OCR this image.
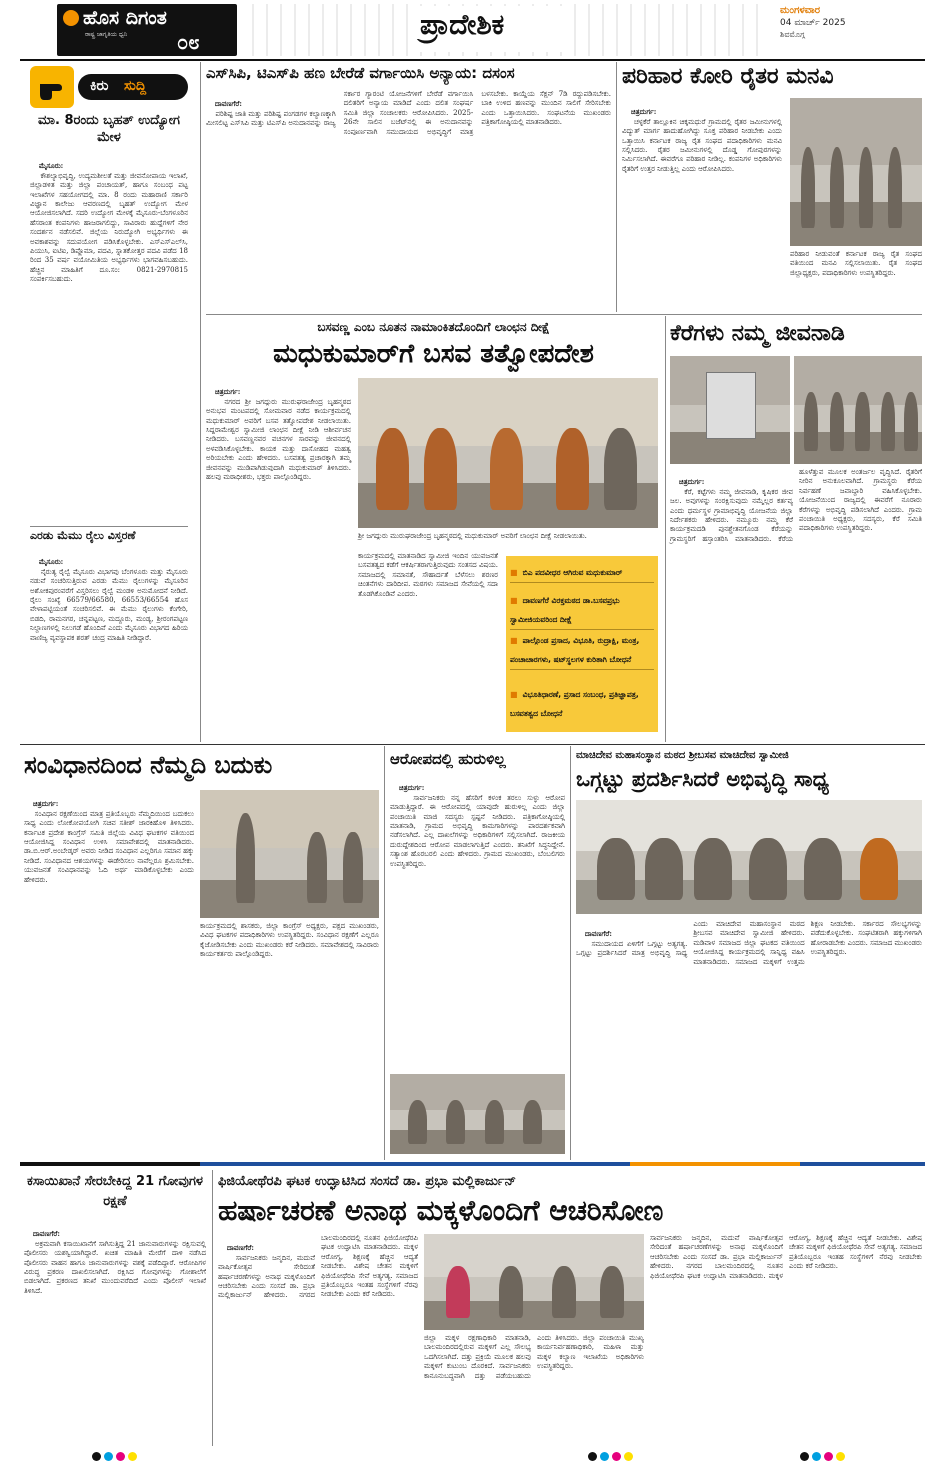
ಹೊಸ ದಿಗಂತ
ರಾಷ್ಟ್ರ ಜಾಗೃತಿಯ ಧ್ವನಿ ೦೮
ಪ್ರಾದೇಶಿಕ	ಮಂಗಳವಾರ
04 ಮಾರ್ಚ್ 2025
ಶಿವಮೊಗ್ಗ
ಕಿರು ಸುದ್ದಿ
ಮಾ. 8ರಂದು ಬೃಹತ್ ಉದ್ಯೋಗ ಮೇಳ

ಮೈಸೂರು:
ಕೌಶಲ್ಯಾಭಿವೃದ್ಧಿ, ಉದ್ಯಮಶೀಲತೆ ಮತ್ತು ಜೀವನೋಪಾಯ ಇಲಾಖೆ, ಜಿಲ್ಲಾಡಳಿತ ಮತ್ತು ಜಿಲ್ಲಾ ಪಂಚಾಯತ್, ಹಾಗೂ ಸಂಬಂಧ ಪಟ್ಟ ಇಲಾಖೆಗಳ ಸಹಯೋಗದಲ್ಲಿ ಮಾ. 8 ರಂದು ಮಹಾರಾಣಿ ಸರ್ಕಾರಿ ವಿಜ್ಞಾನ ಕಾಲೇಜು ಆವರಣದಲ್ಲಿ ಬೃಹತ್ ಉದ್ಯೋಗ ಮೇಳ ಆಯೋಜಿಸಲಾಗಿದೆ. ಸದರಿ ಉದ್ಯೋಗ ಮೇಳಕ್ಕೆ ಮೈಸೂರು-ಬೆಂಗಳೂರಿನ ಹೆಸರಾಂತ ಕಂಪನಿಗಳು ಹಾಜರಾಗಲಿದ್ದು, ಸಾವಿರಾರು ಹುದ್ದೆಗಳಿಗೆ ನೇರ ಸಂದರ್ಶನ ನಡೆಸಲಿವೆ. ಜಿಲ್ಲೆಯ ನಿರುದ್ಯೋಗಿ ಅಭ್ಯರ್ಥಿಗಳು ಈ ಅವಕಾಶವನ್ನು ಸದುಪಯೋಗ ಪಡಿಸಿಕೊಳ್ಳಬೇಕು. ಎಸ್ಎಸ್ಎಲ್‌ಸಿ, ಪಿಯುಸಿ, ಐಟಿಐ, ಡಿಪ್ಲೊಮಾ, ಪದವಿ, ಸ್ನಾತಕೋತ್ತರ ಪದವಿ ಪಡೆದ 18 ರಿಂದ 35 ವರ್ಷ ವಯೋಮಿತಿಯ ಅಭ್ಯರ್ಥಿಗಳು ಭಾಗವಹಿಸಬಹುದು. ಹೆಚ್ಚಿನ ಮಾಹಿತಿಗೆ ದೂ.ಸಂ: 0821-2970815 ಸಂಪರ್ಕಿಸಬಹುದು.

ಎರಡು ಮೆಮು ರೈಲು ವಿಸ್ತರಣೆ

ಮೈಸೂರು:
ನೈರುತ್ಯ ರೈಲ್ವೆ ಮೈಸೂರು ವಿಭಾಗವು ಬೆಂಗಳೂರು ಮತ್ತು ಮೈಸೂರು ನಡುವೆ ಸಂಚರಿಸುತ್ತಿರುವ ಎರಡು ಮೆಮು ರೈಲುಗಳನ್ನು ಮೈಸೂರಿನ ಅಶೋಕಪುರಂವರೆಗೆ ವಿಸ್ತರಿಸಲು ರೈಲ್ವೆ ಮಂಡಳಿ ಅನುಮೋದನೆ ನೀಡಿದೆ. ರೈಲು ಸಂಖ್ಯೆ 66579/66580, 66553/66554 ಹೊಸ ವೇಳಾಪಟ್ಟಿಯಂತೆ ಸಂಚರಿಸಲಿವೆ. ಈ ಮೆಮು ರೈಲುಗಳು ಕೆಂಗೇರಿ, ಬಿಡದಿ, ರಾಮನಗರ, ಚನ್ನಪಟ್ಟಣ, ಮದ್ದೂರು, ಮಂಡ್ಯ, ಶ್ರೀರಂಗಪಟ್ಟಣ ನಿಲ್ದಾಣಗಳಲ್ಲಿ ನಿಲುಗಡೆ ಹೊಂದಿವೆ ಎಂದು ಮೈಸೂರು ವಿಭಾಗದ ಹಿರಿಯ ವಾಣಿಜ್ಯ ವ್ಯವಸ್ಥಾಪಕ ಶರತ್ ಚಂದ್ರ ಮಾಹಿತಿ ನೀಡಿದ್ದಾರೆ.

ಎಸ್‌ಸಿಪಿ, ಟಿಎಸ್‌ಪಿ ಹಣ ಬೇರೆಡೆ ವರ್ಗಾಯಿಸಿ ಅನ್ಯಾಯ: ದಸಂಸ

ದಾವಣಗೆರೆ:
ಪರಿಶಿಷ್ಟ ಜಾತಿ ಮತ್ತು ಪರಿಶಿಷ್ಟ ಪಂಗಡಗಳ ಕಲ್ಯಾಣಕ್ಕಾಗಿ ಮೀಸಲಿಟ್ಟ ಎಸ್‌ಸಿಪಿ ಮತ್ತು ಟಿಎಸ್‌ಪಿ ಅನುದಾನವನ್ನು ರಾಜ್ಯ ಸರ್ಕಾರ ಗ್ಯಾರಂಟಿ ಯೋಜನೆಗಳಿಗೆ ಬೇರೆಡೆ ವರ್ಗಾಯಿಸಿ ದಲಿತರಿಗೆ ಅನ್ಯಾಯ ಮಾಡಿದೆ ಎಂದು ದಲಿತ ಸಂಘರ್ಷ ಸಮಿತಿ ಜಿಲ್ಲಾ ಸಂಚಾಲಕರು ಆರೋಪಿಸಿದರು. 2025-26ನೇ ಸಾಲಿನ ಬಜೆಟ್‌ನಲ್ಲಿ ಈ ಅನುದಾನವನ್ನು ಸಂಪೂರ್ಣವಾಗಿ ಸಮುದಾಯದ ಅಭಿವೃದ್ಧಿಗೆ ಮಾತ್ರ ಬಳಸಬೇಕು. ಕಾಯ್ದೆಯ ಸೆಕ್ಷನ್ 7ಡಿ ರದ್ದುಪಡಿಸಬೇಕು. ಬಾಕಿ ಉಳಿದ ಹಣವನ್ನು ಮುಂದಿನ ಸಾಲಿಗೆ ಸೇರಿಸಬೇಕು ಎಂದು ಒತ್ತಾಯಿಸಿದರು. ಸಂಘಟನೆಯ ಮುಖಂಡರು ಪತ್ರಿಕಾಗೋಷ್ಠಿಯಲ್ಲಿ ಮಾತನಾಡಿದರು.

ಪರಿಹಾರ ಕೋರಿ ರೈತರ ಮನವಿ

ಚಿತ್ರದುರ್ಗ:
ಚಳ್ಳಕೆರೆ ತಾಲ್ಲೂಕಿನ ಚಿಕ್ಕಮಧುರೆ ಗ್ರಾಮದಲ್ಲಿ ರೈತರ ಜಮೀನುಗಳಲ್ಲಿ ವಿದ್ಯುತ್ ಮಾರ್ಗ ಹಾದುಹೋಗಿದ್ದು ಸೂಕ್ತ ಪರಿಹಾರ ನೀಡಬೇಕು ಎಂದು ಒತ್ತಾಯಿಸಿ ಕರ್ನಾಟಕ ರಾಜ್ಯ ರೈತ ಸಂಘದ ಪದಾಧಿಕಾರಿಗಳು ಮನವಿ ಸಲ್ಲಿಸಿದರು. ರೈತರ ಜಮೀನುಗಳಲ್ಲಿ ದೊಡ್ಡ ಗೋಪುರಗಳನ್ನು ನಿರ್ಮಿಸಲಾಗಿದೆ. ಈವರೆಗೂ ಪರಿಹಾರ ನೀಡಿಲ್ಲ. ಕಂಪನಿಗಳ ಅಧಿಕಾರಿಗಳು ರೈತರಿಗೆ ಉತ್ತರ ನೀಡುತ್ತಿಲ್ಲ ಎಂದು ಆರೋಪಿಸಿದರು.

ಪರಿಹಾರ ನೀಡುವಂತೆ ಕರ್ನಾಟಕ ರಾಜ್ಯ ರೈತ ಸಂಘದ ವತಿಯಿಂದ ಮನವಿ ಸಲ್ಲಿಸಲಾಯಿತು. ರೈತ ಸಂಘದ ಜಿಲ್ಲಾಧ್ಯಕ್ಷರು, ಪದಾಧಿಕಾರಿಗಳು ಉಪಸ್ಥಿತರಿದ್ದರು.
ಬಸವಣ್ಣ ಎಂಬ ನೂತನ ನಾಮಾಂಕಿತದೊಂದಿಗೆ ಲಾಂಛನ ದೀಕ್ಷೆ
ಮಧುಕುಮಾರ್‌ಗೆ ಬಸವ ತತ್ವೋಪದೇಶ

ಚಿತ್ರದುರ್ಗ:
ನಗರದ ಶ್ರೀ ಜಗದ್ಗುರು ಮುರುಘರಾಜೇಂದ್ರ ಬೃಹನ್ಮಠದ ಅನುಭವ ಮಂಟಪದಲ್ಲಿ ಸೋಮವಾರ ನಡೆದ ಕಾರ್ಯಕ್ರಮದಲ್ಲಿ ಮಧುಕುಮಾರ್ ಅವರಿಗೆ ಬಸವ ತತ್ವೋಪದೇಶ ನೀಡಲಾಯಿತು. ಸಿದ್ದರಾಮೇಶ್ವರ ಸ್ವಾಮೀಜಿ ಲಾಂಛನ ದೀಕ್ಷೆ ನೀಡಿ ಆಶೀರ್ವಚನ ನೀಡಿದರು. ಬಸವಣ್ಣನವರ ವಚನಗಳ ಸಾರವನ್ನು ಜೀವನದಲ್ಲಿ ಅಳವಡಿಸಿಕೊಳ್ಳಬೇಕು. ಕಾಯಕ ಮತ್ತು ದಾಸೋಹದ ಮಹತ್ವ ಅರಿಯಬೇಕು ಎಂದು ಹೇಳಿದರು. ಬಸವತತ್ವ ಪ್ರಚಾರಕ್ಕಾಗಿ ತಮ್ಮ ಜೀವನವನ್ನು ಮುಡಿಪಾಗಿಡುವುದಾಗಿ ಮಧುಕುಮಾರ್ ತಿಳಿಸಿದರು. ಹಲವು ಮಠಾಧೀಶರು, ಭಕ್ತರು ಪಾಲ್ಗೊಂಡಿದ್ದರು.

ಶ್ರೀ ಜಗದ್ಗುರು ಮುರುಘರಾಜೇಂದ್ರ ಬೃಹನ್ಮಠದಲ್ಲಿ ಮಧುಕುಮಾರ್ ಅವರಿಗೆ ಲಾಂಛನ ದೀಕ್ಷೆ ನೀಡಲಾಯಿತು.
ಕಾರ್ಯಕ್ರಮದಲ್ಲಿ ಮಾತನಾಡಿದ ಸ್ವಾಮೀಜಿ ಇಂದಿನ ಯುವಜನತೆ ಬಸವತತ್ವದ ಕಡೆಗೆ ಆಕರ್ಷಿತರಾಗುತ್ತಿರುವುದು ಸಂತಸದ ವಿಷಯ. ಸಮಾಜದಲ್ಲಿ ಸಮಾನತೆ, ಸೌಹಾರ್ದತೆ ಬೆಳೆಸಲು ಶರಣರ ಚಿಂತನೆಗಳು ದಾರಿದೀಪ. ಮಠಗಳು ಸಮಾಜದ ಸೇವೆಯಲ್ಲಿ ಸದಾ ತೊಡಗಿಕೊಂಡಿವೆ ಎಂದರು.
■ ಬಿಎ ಪದವೀಧರ ಆಗಿರುವ ಮಧುಕುಮಾರ್
■ ದಾವಣಗೆರೆ ವಿರಕ್ತಮಠದ ಡಾ.ಬಸವಪ್ರಭು ಸ್ವಾಮೀಜಿಯವರಿಂದ ದೀಕ್ಷೆ
■ ಪಾಲ್ಗೊಂಡ ಪ್ರಸಾದ, ವಿಭೂತಿ, ರುದ್ರಾಕ್ಷಿ, ಮಂತ್ರ, ಪಂಚಾಚಾರಗಳು, ಷಟ್‌ಸ್ಥಲಗಳ ಕುರಿತಾಗಿ ಬೋಧನೆ
■ ವಿಭೂತಿಧಾರಣೆ, ಪ್ರಸಾದ ಸಂಬಂಧ, ಪ್ರತಿಜ್ಞಾಪತ್ರ, ಬಸವತತ್ವದ ಬೋಧನೆ
ಕೆರೆಗಳು ನಮ್ಮ ಜೀವನಾಡಿ

ಚಿತ್ರದುರ್ಗ:
ಕೆರೆ, ಕಟ್ಟೆಗಳು ನಮ್ಮ ಜೀವನಾಡಿ, ಕೃಷಿಕರ ಜೀವ ಜಲ. ಅವುಗಳನ್ನು ಸಂರಕ್ಷಿಸುವುದು ನಮ್ಮೆಲ್ಲರ ಕರ್ತವ್ಯ ಎಂದು ಧರ್ಮಸ್ಥಳ ಗ್ರಾಮಾಭಿವೃದ್ಧಿ ಯೋಜನೆಯ ಜಿಲ್ಲಾ ನಿರ್ದೇಶಕರು ಹೇಳಿದರು. ನಮ್ಮೂರು ನಮ್ಮ ಕೆರೆ ಕಾರ್ಯಕ್ರಮದಡಿ ಪುನಶ್ಚೇತನಗೊಂಡ ಕೆರೆಯನ್ನು ಗ್ರಾಮಸ್ಥರಿಗೆ ಹಸ್ತಾಂತರಿಸಿ ಮಾತನಾಡಿದರು. ಕೆರೆಯ ಹೂಳೆತ್ತುವ ಮೂಲಕ ಅಂತರ್ಜಲ ವೃದ್ಧಿಸಿದೆ. ರೈತರಿಗೆ ನೀರಿನ ಅನುಕೂಲವಾಗಿದೆ. ಗ್ರಾಮಸ್ಥರು ಕೆರೆಯ ನಿರ್ವಹಣೆ ಜವಾಬ್ದಾರಿ ವಹಿಸಿಕೊಳ್ಳಬೇಕು. ಯೋಜನೆಯಿಂದ ರಾಜ್ಯದಲ್ಲಿ ಈವರೆಗೆ ನೂರಾರು ಕೆರೆಗಳನ್ನು ಅಭಿವೃದ್ಧಿ ಪಡಿಸಲಾಗಿದೆ ಎಂದರು. ಗ್ರಾಮ ಪಂಚಾಯಿತಿ ಅಧ್ಯಕ್ಷರು, ಸದಸ್ಯರು, ಕೆರೆ ಸಮಿತಿ ಪದಾಧಿಕಾರಿಗಳು ಉಪಸ್ಥಿತರಿದ್ದರು.

ಸಂವಿಧಾನದಿಂದ ನೆಮ್ಮದಿ ಬದುಕು

ಚಿತ್ರದುರ್ಗ:
ಸಂವಿಧಾನ ರಕ್ಷಣೆಯಿಂದ ಮಾತ್ರ ಪ್ರತಿಯೊಬ್ಬರು ನೆಮ್ಮದಿಯಿಂದ ಬದುಕಲು ಸಾಧ್ಯ ಎಂದು ಲೋಕೋಪಯೋಗಿ ಸಚಿವ ಸತೀಶ್ ಜಾರಕಿಹೊಳಿ ತಿಳಿಸಿದರು. ಕರ್ನಾಟಕ ಪ್ರದೇಶ ಕಾಂಗ್ರೆಸ್ ಸಮಿತಿ ಜಿಲ್ಲೆಯ ವಿವಿಧ ಘಟಕಗಳ ವತಿಯಿಂದ ಆಯೋಜಿಸಿದ್ದ ಸಂವಿಧಾನ ಉಳಿಸಿ ಸಮಾವೇಶದಲ್ಲಿ ಮಾತನಾಡಿದರು. ಡಾ.ಬಿ.ಆರ್.ಅಂಬೇಡ್ಕರ್ ಅವರು ನೀಡಿದ ಸಂವಿಧಾನ ಎಲ್ಲರಿಗೂ ಸಮಾನ ಹಕ್ಕು ನೀಡಿದೆ. ಸಂವಿಧಾನದ ಆಶಯಗಳನ್ನು ಈಡೇರಿಸಲು ನಾವೆಲ್ಲರೂ ಶ್ರಮಿಸಬೇಕು. ಯುವಜನತೆ ಸಂವಿಧಾನವನ್ನು ಓದಿ ಅರ್ಥ ಮಾಡಿಕೊಳ್ಳಬೇಕು ಎಂದು ಹೇಳಿದರು.

ಕಾರ್ಯಕ್ರಮದಲ್ಲಿ ಶಾಸಕರು, ಜಿಲ್ಲಾ ಕಾಂಗ್ರೆಸ್ ಅಧ್ಯಕ್ಷರು, ಪಕ್ಷದ ಮುಖಂಡರು, ವಿವಿಧ ಘಟಕಗಳ ಪದಾಧಿಕಾರಿಗಳು ಉಪಸ್ಥಿತರಿದ್ದರು. ಸಂವಿಧಾನ ರಕ್ಷಣೆಗೆ ಎಲ್ಲರೂ ಕೈಜೋಡಿಸಬೇಕು ಎಂದು ಮುಖಂಡರು ಕರೆ ನೀಡಿದರು. ಸಮಾವೇಶದಲ್ಲಿ ಸಾವಿರಾರು ಕಾರ್ಯಕರ್ತರು ಪಾಲ್ಗೊಂಡಿದ್ದರು.
ಆರೋಪದಲ್ಲಿ ಹುರುಳಿಲ್ಲ

ಚಿತ್ರದುರ್ಗ:
ಸಾರ್ವಜನಿಕರು ನನ್ನ ಹೆಸರಿಗೆ ಕಳಂಕ ತರಲು ಸುಳ್ಳು ಆರೋಪ ಮಾಡುತ್ತಿದ್ದಾರೆ. ಈ ಆರೋಪದಲ್ಲಿ ಯಾವುದೇ ಹುರುಳಿಲ್ಲ ಎಂದು ಜಿಲ್ಲಾ ಪಂಚಾಯಿತಿ ಮಾಜಿ ಸದಸ್ಯರು ಸ್ಪಷ್ಟನೆ ನೀಡಿದರು. ಪತ್ರಿಕಾಗೋಷ್ಠಿಯಲ್ಲಿ ಮಾತನಾಡಿ, ಗ್ರಾಮದ ಅಭಿವೃದ್ಧಿ ಕಾಮಗಾರಿಗಳನ್ನು ಪಾರದರ್ಶಕವಾಗಿ ನಡೆಸಲಾಗಿದೆ. ಎಲ್ಲ ದಾಖಲೆಗಳನ್ನು ಅಧಿಕಾರಿಗಳಿಗೆ ಸಲ್ಲಿಸಲಾಗಿದೆ. ರಾಜಕೀಯ ದುರುದ್ದೇಶದಿಂದ ಆರೋಪ ಮಾಡಲಾಗುತ್ತಿದೆ ಎಂದರು. ತನಿಖೆಗೆ ಸಿದ್ಧನಿದ್ದೇನೆ. ಸತ್ಯಾಂಶ ಹೊರಬರಲಿ ಎಂದು ಹೇಳಿದರು. ಗ್ರಾಮದ ಮುಖಂಡರು, ಬೆಂಬಲಿಗರು ಉಪಸ್ಥಿತರಿದ್ದರು.

ಮಾಚಿದೇವ ಮಹಾಸಂಸ್ಥಾನ ಮಠದ ಶ್ರೀಬಸವ ಮಾಚಿದೇವ ಸ್ವಾಮೀಜಿ
ಒಗ್ಗಟ್ಟು ಪ್ರದರ್ಶಿಸಿದರೆ ಅಭಿವೃದ್ಧಿ ಸಾಧ್ಯ

ದಾವಣಗೆರೆ:
ಸಮುದಾಯದ ಏಳಿಗೆಗೆ ಒಗ್ಗಟ್ಟು ಅತ್ಯಗತ್ಯ. ಒಗ್ಗಟ್ಟು ಪ್ರದರ್ಶಿಸಿದರೆ ಮಾತ್ರ ಅಭಿವೃದ್ಧಿ ಸಾಧ್ಯ ಎಂದು ಮಾಚಿದೇವ ಮಹಾಸಂಸ್ಥಾನ ಮಠದ ಶ್ರೀಬಸವ ಮಾಚಿದೇವ ಸ್ವಾಮೀಜಿ ಹೇಳಿದರು. ಮಡಿವಾಳ ಸಮಾಜದ ಜಿಲ್ಲಾ ಘಟಕದ ವತಿಯಿಂದ ಆಯೋಜಿಸಿದ್ದ ಕಾರ್ಯಕ್ರಮದಲ್ಲಿ ಸಾನ್ನಿಧ್ಯ ವಹಿಸಿ ಮಾತನಾಡಿದರು. ಸಮಾಜದ ಮಕ್ಕಳಿಗೆ ಉತ್ತಮ ಶಿಕ್ಷಣ ನೀಡಬೇಕು. ಸರ್ಕಾರದ ಸೌಲಭ್ಯಗಳನ್ನು ಪಡೆದುಕೊಳ್ಳಬೇಕು. ಸಂಘಟಿತರಾಗಿ ಹಕ್ಕುಗಳಿಗಾಗಿ ಹೋರಾಡಬೇಕು ಎಂದರು. ಸಮಾಜದ ಮುಖಂಡರು ಉಪಸ್ಥಿತರಿದ್ದರು.

ಕಸಾಯಿಖಾನೆ ಸೇರಬೇಕಿದ್ದ 21 ಗೋವುಗಳ ರಕ್ಷಣೆ

ದಾವಣಗೆರೆ:
ಅಕ್ರಮವಾಗಿ ಕಸಾಯಿಖಾನೆಗೆ ಸಾಗಿಸುತ್ತಿದ್ದ 21 ಜಾನುವಾರುಗಳನ್ನು ರಕ್ಷಿಸುವಲ್ಲಿ ಪೊಲೀಸರು ಯಶಸ್ವಿಯಾಗಿದ್ದಾರೆ. ಖಚಿತ ಮಾಹಿತಿ ಮೇರೆಗೆ ದಾಳಿ ನಡೆಸಿದ ಪೊಲೀಸರು ವಾಹನ ಹಾಗೂ ಜಾನುವಾರುಗಳನ್ನು ವಶಕ್ಕೆ ಪಡೆದಿದ್ದಾರೆ. ಆರೋಪಿಗಳ ವಿರುದ್ಧ ಪ್ರಕರಣ ದಾಖಲಿಸಲಾಗಿದೆ. ರಕ್ಷಿಸಿದ ಗೋವುಗಳನ್ನು ಗೋಶಾಲೆಗೆ ಬಿಡಲಾಗಿದೆ. ಪ್ರಕರಣದ ತನಿಖೆ ಮುಂದುವರೆದಿದೆ ಎಂದು ಪೊಲೀಸ್ ಇಲಾಖೆ ತಿಳಿಸಿದೆ.

ಫಿಜಿಯೋಥೆರಪಿ ಘಟಕ ಉದ್ಘಾಟಿಸಿದ ಸಂಸದೆ ಡಾ. ಪ್ರಭಾ ಮಲ್ಲಿಕಾರ್ಜುನ್
ಹರ್ಷಾಚರಣೆ ಅನಾಥ ಮಕ್ಕಳೊಂದಿಗೆ ಆಚರಿಸೋಣ

ದಾವಣಗೆರೆ:
ಸಾರ್ವಜನಿಕರು ಜನ್ಮದಿನ, ಮದುವೆ ವಾರ್ಷಿಕೋತ್ಸವ ಸೇರಿದಂತೆ ಹರ್ಷಾಚರಣೆಗಳನ್ನು ಅನಾಥ ಮಕ್ಕಳೊಂದಿಗೆ ಆಚರಿಸಬೇಕು ಎಂದು ಸಂಸದೆ ಡಾ. ಪ್ರಭಾ ಮಲ್ಲಿಕಾರ್ಜುನ್ ಹೇಳಿದರು. ನಗರದ ಬಾಲಮಂದಿರದಲ್ಲಿ ನೂತನ ಫಿಜಿಯೋಥೆರಪಿ ಘಟಕ ಉದ್ಘಾಟಿಸಿ ಮಾತನಾಡಿದರು. ಮಕ್ಕಳ ಆರೋಗ್ಯ, ಶಿಕ್ಷಣಕ್ಕೆ ಹೆಚ್ಚಿನ ಆದ್ಯತೆ ನೀಡಬೇಕು. ವಿಶೇಷ ಚೇತನ ಮಕ್ಕಳಿಗೆ ಫಿಜಿಯೋಥೆರಪಿ ಸೇವೆ ಅತ್ಯಗತ್ಯ. ಸಮಾಜದ ಪ್ರತಿಯೊಬ್ಬರೂ ಇಂತಹ ಸಂಸ್ಥೆಗಳಿಗೆ ನೆರವು ನೀಡಬೇಕು ಎಂದು ಕರೆ ನೀಡಿದರು.

ಜಿಲ್ಲಾ ಮಕ್ಕಳ ರಕ್ಷಣಾಧಿಕಾರಿ ಮಾತನಾಡಿ, ಬಾಲಮಂದಿರದಲ್ಲಿರುವ ಮಕ್ಕಳಿಗೆ ಎಲ್ಲ ಸೌಲಭ್ಯ ಒದಗಿಸಲಾಗಿದೆ. ದತ್ತು ಪ್ರಕ್ರಿಯೆ ಮೂಲಕ ಹಲವು ಮಕ್ಕಳಿಗೆ ಕುಟುಂಬ ದೊರಕಿದೆ. ಸಾರ್ವಜನಿಕರು ಕಾನೂನುಬದ್ಧವಾಗಿ ದತ್ತು ಪಡೆಯಬಹುದು ಎಂದು ತಿಳಿಸಿದರು. ಜಿಲ್ಲಾ ಪಂಚಾಯಿತಿ ಮುಖ್ಯ ಕಾರ್ಯನಿರ್ವಹಣಾಧಿಕಾರಿ, ಮಹಿಳಾ ಮತ್ತು ಮಕ್ಕಳ ಕಲ್ಯಾಣ ಇಲಾಖೆಯ ಅಧಿಕಾರಿಗಳು ಉಪಸ್ಥಿತರಿದ್ದರು.
ಸಾರ್ವಜನಿಕರು ಜನ್ಮದಿನ, ಮದುವೆ ವಾರ್ಷಿಕೋತ್ಸವ ಸೇರಿದಂತೆ ಹರ್ಷಾಚರಣೆಗಳನ್ನು ಅನಾಥ ಮಕ್ಕಳೊಂದಿಗೆ ಆಚರಿಸಬೇಕು ಎಂದು ಸಂಸದೆ ಡಾ. ಪ್ರಭಾ ಮಲ್ಲಿಕಾರ್ಜುನ್ ಹೇಳಿದರು. ನಗರದ ಬಾಲಮಂದಿರದಲ್ಲಿ ನೂತನ ಫಿಜಿಯೋಥೆರಪಿ ಘಟಕ ಉದ್ಘಾಟಿಸಿ ಮಾತನಾಡಿದರು. ಮಕ್ಕಳ ಆರೋಗ್ಯ, ಶಿಕ್ಷಣಕ್ಕೆ ಹೆಚ್ಚಿನ ಆದ್ಯತೆ ನೀಡಬೇಕು. ವಿಶೇಷ ಚೇತನ ಮಕ್ಕಳಿಗೆ ಫಿಜಿಯೋಥೆರಪಿ ಸೇವೆ ಅತ್ಯಗತ್ಯ. ಸಮಾಜದ ಪ್ರತಿಯೊಬ್ಬರೂ ಇಂತಹ ಸಂಸ್ಥೆಗಳಿಗೆ ನೆರವು ನೀಡಬೇಕು ಎಂದು ಕರೆ ನೀಡಿದರು.
